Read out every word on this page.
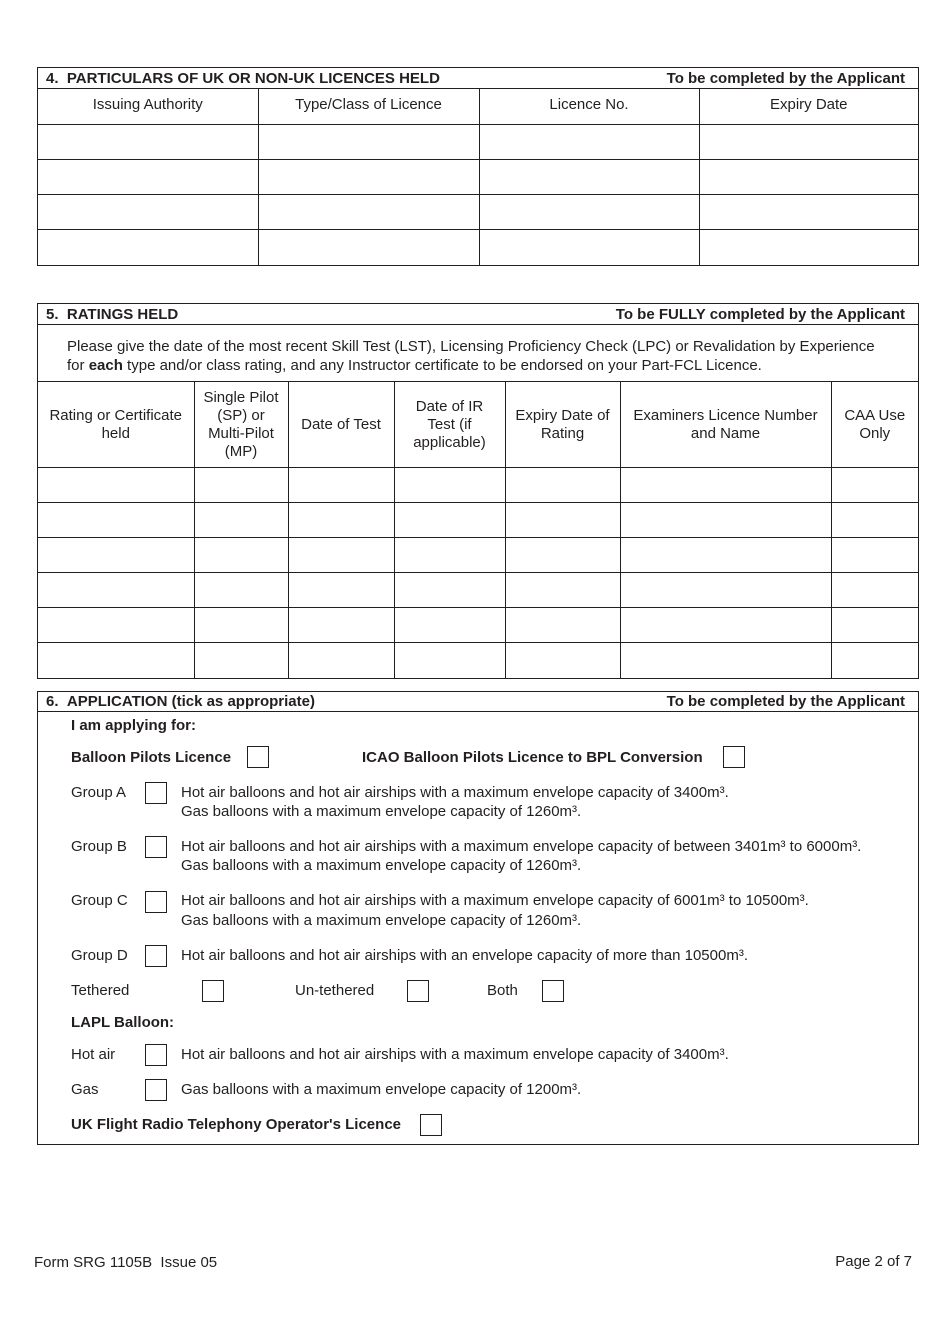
4. PARTICULARS OF UK OR NON-UK LICENCES HELD	To be completed by the Applicant
Issuing Authority	Type/Class of Licence	Licence No.	Expiry Date

5. RATINGS HELD	To be FULLY completed by the Applicant
Please give the date of the most recent Skill Test (LST), Licensing Proficiency Check (LPC) or Revalidation by Experience
for each type and/or class rating, and any Instructor certificate to be endorsed on your Part-FCL Licence.
Rating or Certificate held	Single Pilot (SP) or Multi-Pilot (MP)	Date of Test	Date of IR Test (if applicable)	Expiry Date of Rating	Examiners Licence Number and Name	CAA Use Only

6. APPLICATION (tick as appropriate)	To be completed by the Applicant
I am applying for:
Balloon Pilots Licence	ICAO Balloon Pilots Licence to BPL Conversion
Group A	Hot air balloons and hot air airships with a maximum envelope capacity of 3400m³.
Gas balloons with a maximum envelope capacity of 1260m³.
Group B	Hot air balloons and hot air airships with a maximum envelope capacity of between 3401m³ to 6000m³.
Gas balloons with a maximum envelope capacity of 1260m³.
Group C	Hot air balloons and hot air airships with a maximum envelope capacity of 6001m³ to 10500m³.
Gas balloons with a maximum envelope capacity of 1260m³.
Group D	Hot air balloons and hot air airships with an envelope capacity of more than 10500m³.
Tethered	Un-tethered	Both
LAPL Balloon:
Hot air	Hot air balloons and hot air airships with a maximum envelope capacity of 3400m³.
Gas	Gas balloons with a maximum envelope capacity of 1200m³.
UK Flight Radio Telephony Operator's Licence
Form SRG 1105B  Issue 05	Page 2 of 7
